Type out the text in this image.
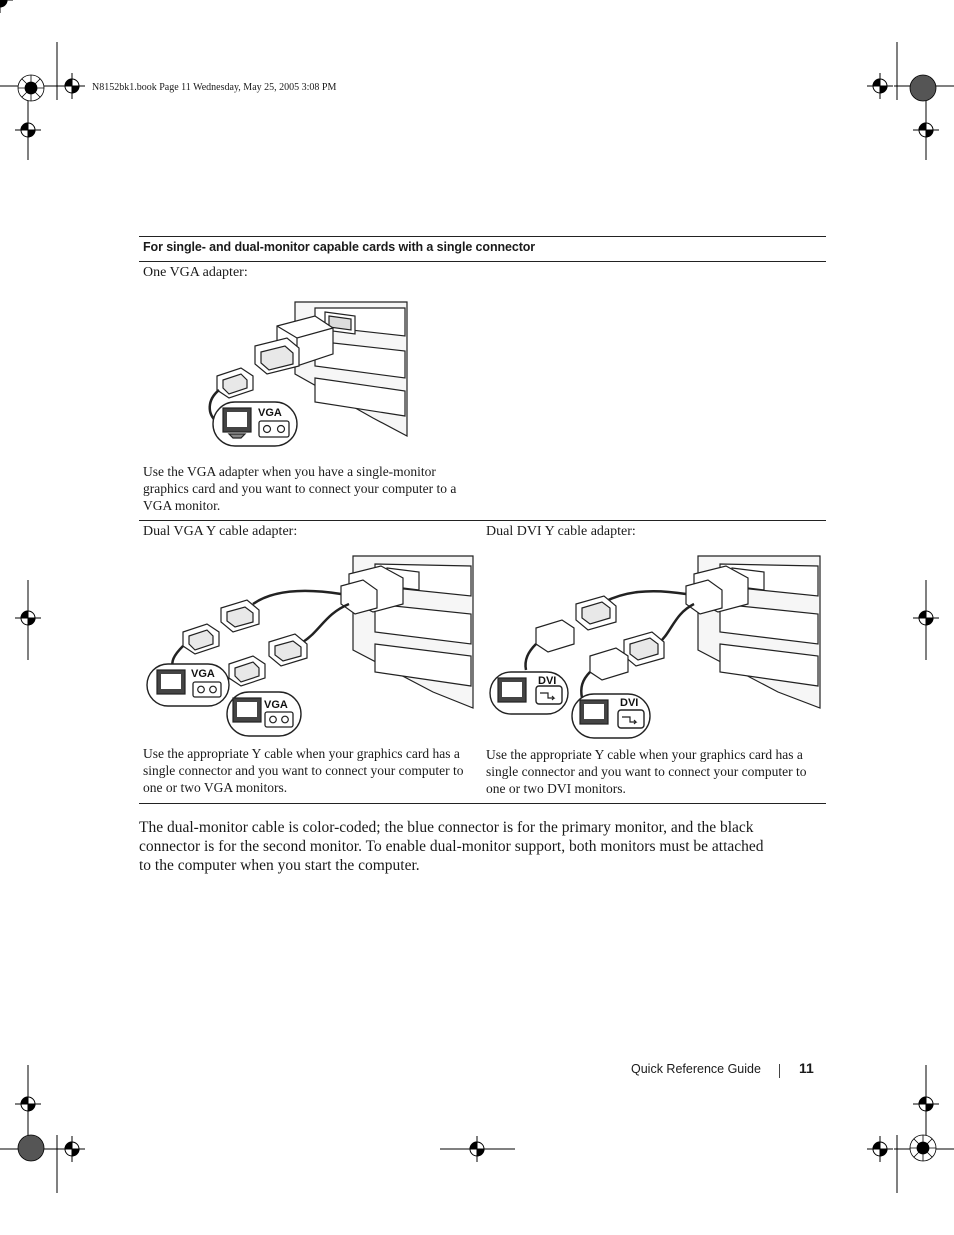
N8152bk1.book Page 11 Wednesday, May 25, 2005 3:08 PM
For single- and dual-monitor capable cards with a single connector
One VGA adapter:
VGA
Use the VGA adapter when you have a single-monitor graphics card and you want to connect your computer to a VGA monitor.
Dual VGA Y cable adapter:
VGA
VGA
Use the appropriate Y cable when your graphics card has a single connector and you want to connect your computer to one or two VGA monitors.
Dual DVI Y cable adapter:
DVI
DVI
Use the appropriate Y cable when your graphics card has a single connector and you want to connect your computer to one or two DVI monitors.
The dual-monitor cable is color-coded; the blue connector is for the primary monitor, and the black connector is for the second monitor. To enable dual-monitor support, both monitors must be attached to the computer when you start the computer.
Quick Reference Guide	11
